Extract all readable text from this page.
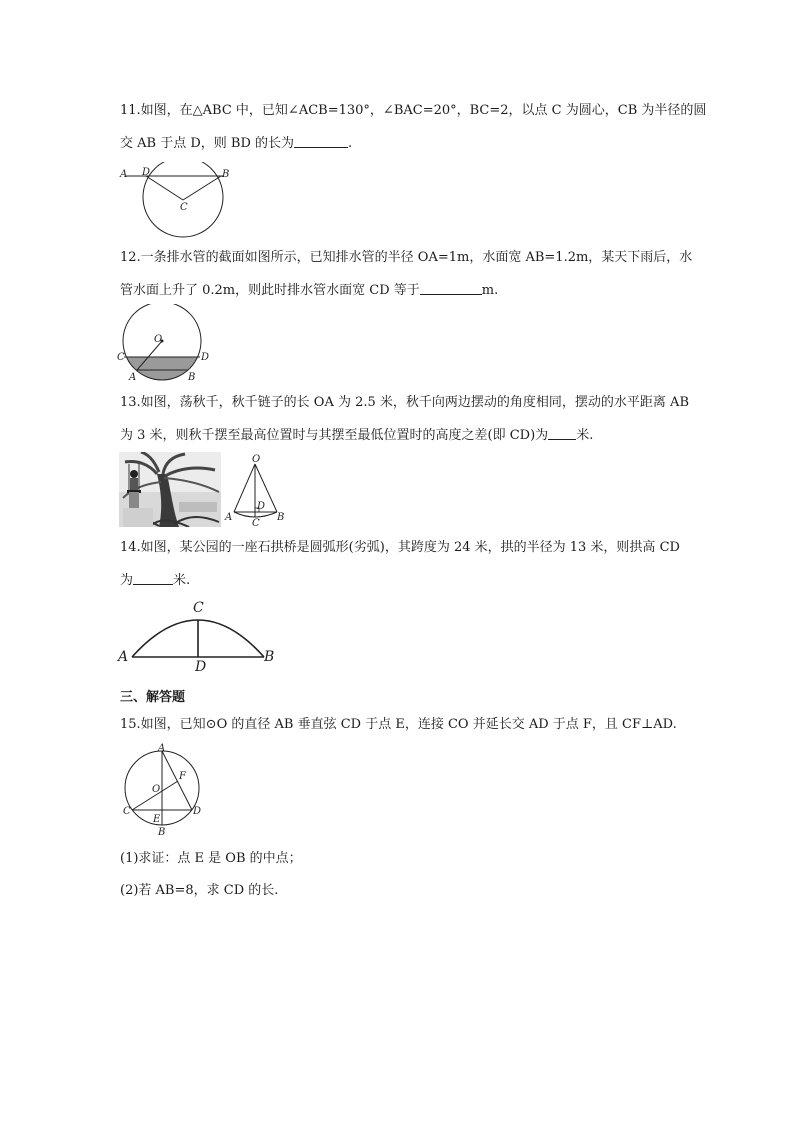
11.如图，在△ABC 中，已知∠ACB=130°，∠BAC=20°，BC=2，以点 C 为圆心，CB 为半径的圆
交 AB 于点 D，则 BD 的长为	.
A D	B
C
12.一条排水管的截面如图所示，已知排水管的半径 OA=1m，水面宽 AB=1.2m，某天下雨后，水
管水面上升了 0.2m，则此时排水管水面宽 CD 等于	m.
O
C	D
A	B
13.如图，荡秋千，秋千链子的长 OA 为 2.5 米，秋千向两边摆动的角度相同，摆动的水平距离 AB
为 3 米，则秋千摆至最高位置时与其摆至最低位置时的高度之差(即 CD)为 米.
O
D
A
C
B
14.如图，某公园的一座石拱桥是圆弧形(劣弧)，其跨度为 24 米，拱的半径为 13 米，则拱高 CD
为	米.
C
A
D
B
三、解答题
15.如图，已知⊙O 的直径 AB 垂直弦 CD 于点 E，连接 CO 并延长交 AD 于点 F，且 CF⊥AD.
A
F
O
C	D
E
B
(1)求证：点 E 是 OB 的中点；
(2)若 AB=8，求 CD 的长.
